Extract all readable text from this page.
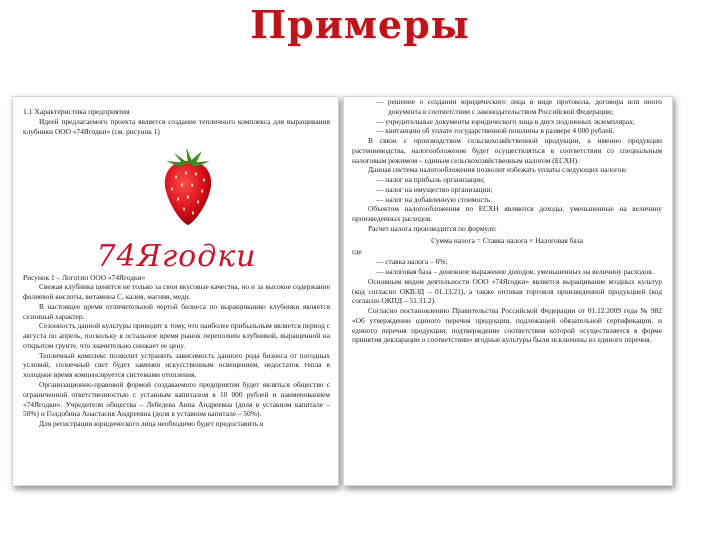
Примеры

1.1 Характеристика предприятия

Идеей предлагаемого проекта является создание тепличного комплекса для выращивания клубники ООО «74Ягодки» (см. рисунок 1)

74Ягодки

Рисунок 1 – Логотип ООО «74Ягодки»

Свежая клубника ценится не только за свои вкусовые качества, но и за высокое содержание фолиевой кислоты, витамина С, калия, магния, меди.

В настоящее время отличительной чертой бизнеса по выращиванию клубники является сезонный характер.

Сезонность данной культуры приводит к тому, что наиболее прибыльным является период с августа по апрель, поскольку в остальное время рынок переполнен клубникой, выращенной на открытом грунте, что значительно снижает ее цену.

Тепличный комплекс позволит устранить зависимость данного рода бизнеса от погодных условий, солнечный свет будет заменен искусственным освещением, недостаток тепла в холодное время компенсируется системами отопления.

Организационно-правовой формой создаваемого предприятия будет являться общество с ограниченной ответственностью с уставным капиталом в 10 000 рублей и наименованием «74Ягодки». Учредители общества – Лебедева Анна Андреевна (доля в уставном капитале – 50%) и Голдобина Анастасия Андреевна (доля в уставном капитале – 50%).

Для регистрации юридического лица необходимо будет предоставить в

— решение о создании юридического лица в виде протокола, договора или иного документа в соответствии с законодательством Российской Федерации;

— учредительные документы юридического лица в двух подлинных экземплярах;

— квитанцию об уплате государственной пошлины в размере 4 000 рублей.

В связи с производством сельскохозяйственной продукции, а именно продукции растениеводства, налогообложение будет осуществляться в соответствии со специальным налоговым режимом – единым сельскохозяйственным налогом (ЕСХН).

Данная система налогообложения позволит избежать уплаты следующих налогов:

— налог на прибыль организации;

— налог на имущество организации;

— налог на добавленную стоимость.

Объектом налогообложения по ЕСХН являются доходы, уменьшенные на величину произведенных расходов.

Расчет налога производится по формуле:

Сумма налога = Ставка налога × Налоговая база

где

— ставка налога – 6%;

— налоговая база – денежное выражение доходов, уменьшенных на величину расходов.

Основным видом деятельности ООО «74Ягодки» является выращивание ягодных культур (код согласно ОКВЭД – 01.13.21), а также оптовая торговля произведенной продукцией (код согласно ОКПД – 51.31.2).

Согласно постановлению Правительства Российской Федерации от 01.12.2009 года № 982 «Об утверждении единого перечня продукции, подлежащей обязательной сертификации, и единого перечня продукции, подтверждение соответствия которой осуществляется в форме принятия декларации о соответствии» ягодные культуры были исключены из единого перечня.
